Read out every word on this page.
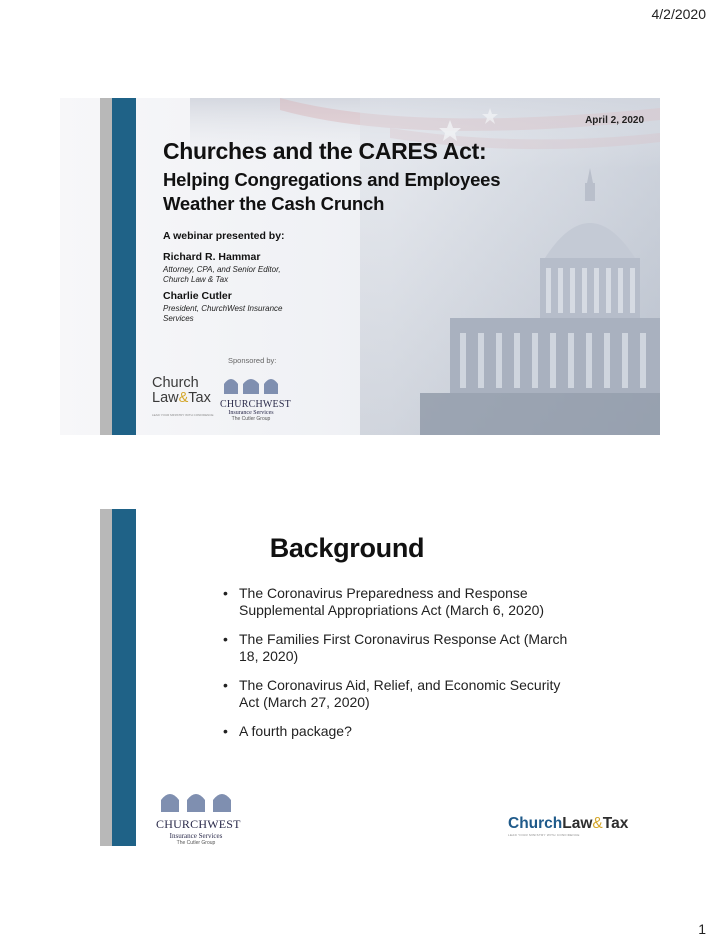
4/2/2020
April 2, 2020
Churches and the CARES Act:
Helping Congregations and Employees
Weather the Cash Crunch
A webinar presented by:
Richard R. Hammar
Attorney, CPA, and Senior Editor, Church Law & Tax
Charlie Cutler
President, ChurchWest Insurance Services
Sponsored by:
Church
Law&Tax
LEAD YOUR MINISTRY WITH CONFIDENCE
CHURCHWEST
Insurance Services
The Cutler Group
Background
• The Coronavirus Preparedness and Response Supplemental Appropriations Act (March 6, 2020)
• The Families First Coronavirus Response Act (March 18, 2020)
• The Coronavirus Aid, Relief, and Economic Security Act (March 27, 2020)
• A fourth package?
CHURCHWEST
Insurance Services
The Cutler Group
ChurchLaw&Tax
LEAD YOUR MINISTRY WITH CONFIDENCE
1
